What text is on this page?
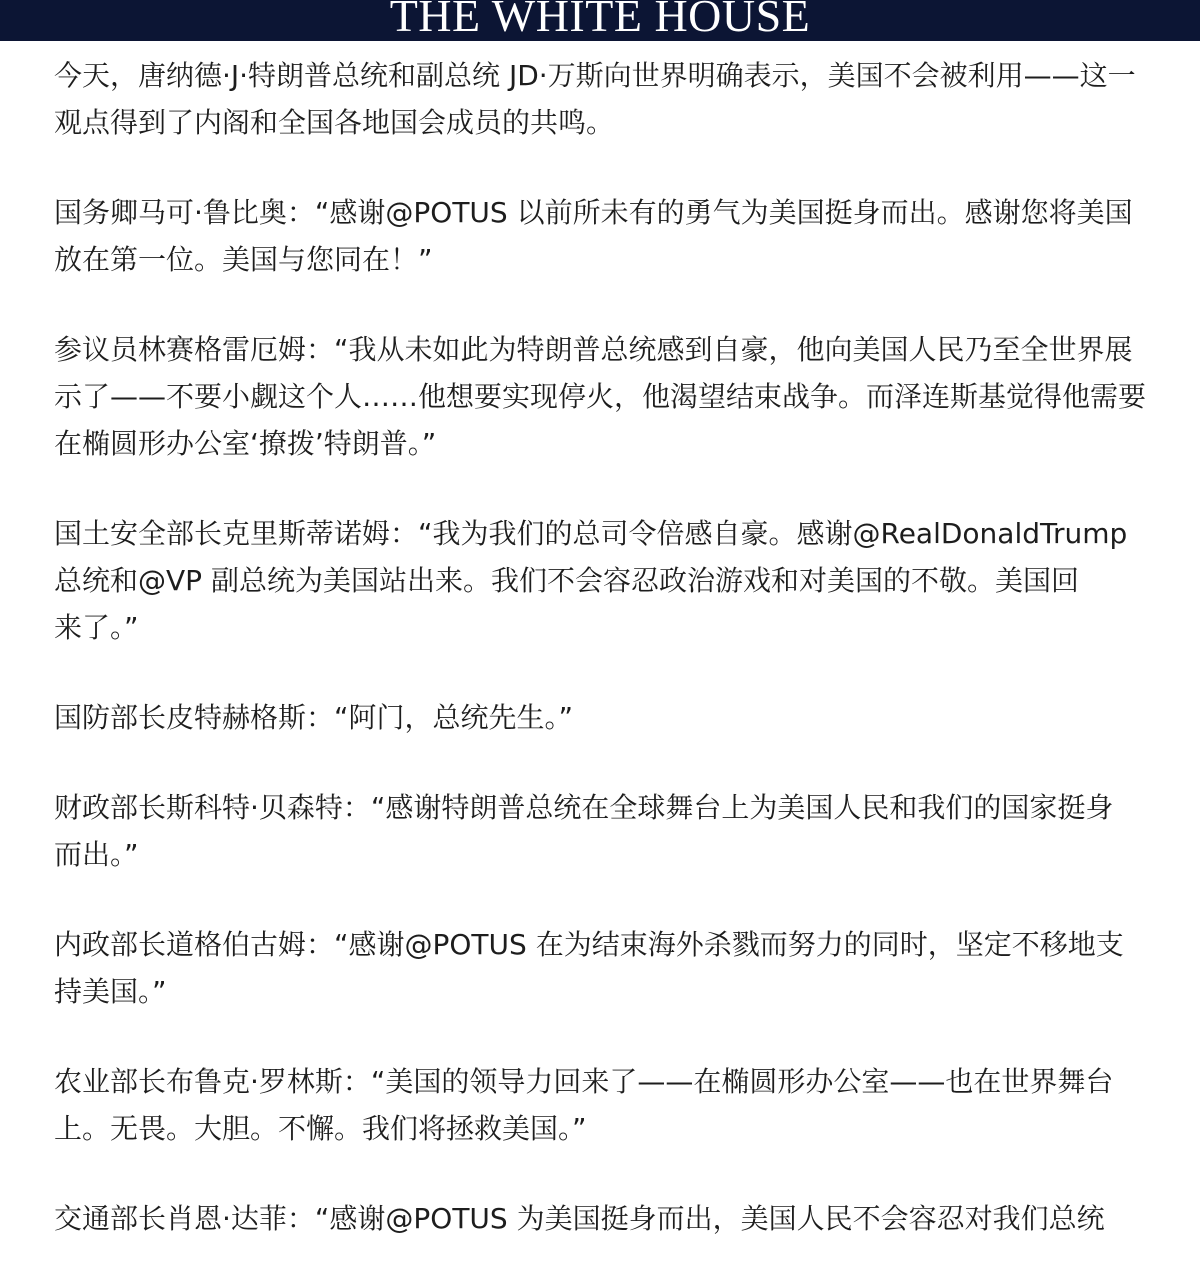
THE WHITE HOUSE

今天，唐纳德·J·特朗普总统和副总统 JD·万斯向世界明确表示，美国不会被利用——这一
观点得到了内阁和全国各地国会成员的共鸣。

国务卿马可·鲁比奥：“感谢@POTUS 以前所未有的勇气为美国挺身而出。感谢您将美国
放在第一位。美国与您同在！”

参议员林赛格雷厄姆：“我从未如此为特朗普总统感到自豪，他向美国人民乃至全世界展
示了——不要小觑这个人……他想要实现停火，他渴望结束战争。而泽连斯基觉得他需要
在椭圆形办公室‘撩拨’特朗普。”

国土安全部长克里斯蒂诺姆：“我为我们的总司令倍感自豪。感谢@RealDonaldTrump
总统和@VP 副总统为美国站出来。我们不会容忍政治游戏和对美国的不敬。美国回
来了。”

国防部长皮特赫格斯：“阿门，总统先生。”

财政部长斯科特·贝森特：“感谢特朗普总统在全球舞台上为美国人民和我们的国家挺身
而出。”

内政部长道格伯古姆：“感谢@POTUS 在为结束海外杀戮而努力的同时，坚定不移地支
持美国。”

农业部长布鲁克·罗林斯：“美国的领导力回来了——在椭圆形办公室——也在世界舞台
上。无畏。大胆。不懈。我们将拯救美国。”

交通部长肖恩·达菲：“感谢@POTUS 为美国挺身而出，美国人民不会容忍对我们总统
